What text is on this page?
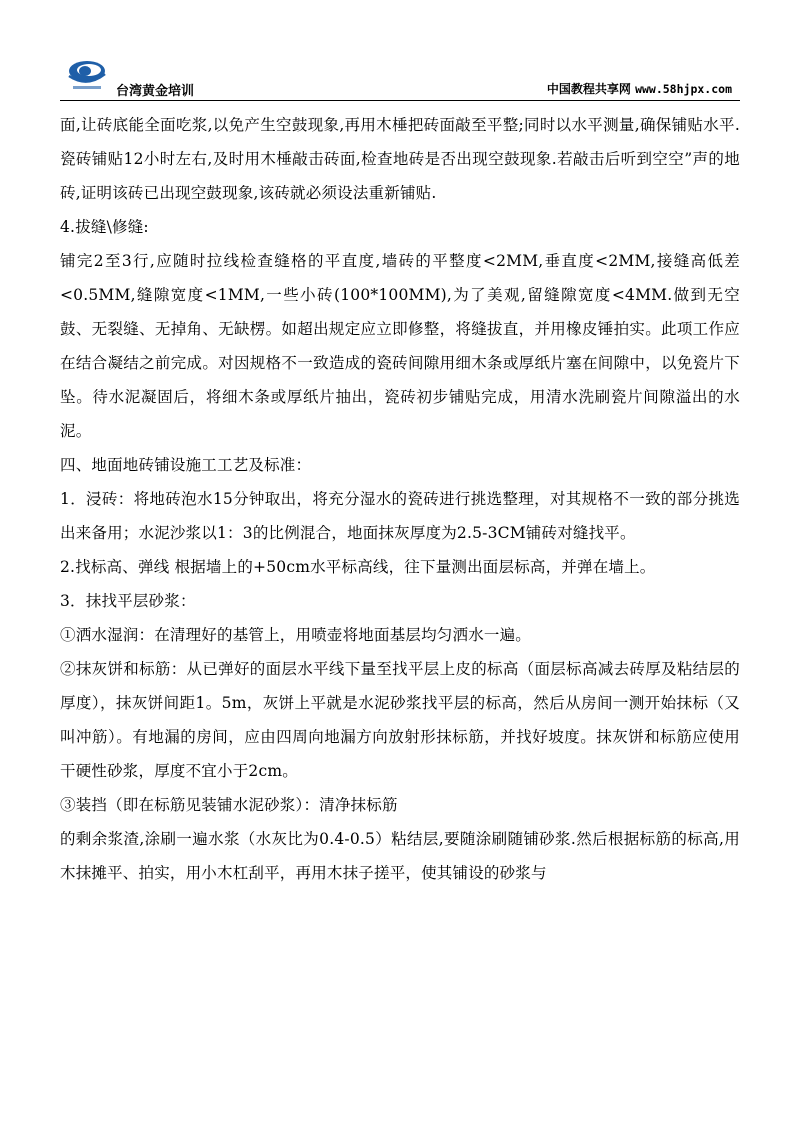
台湾黄金培训	中国教程共享网 www.58hjpx.com

面,让砖底能全面吃浆,以免产生空鼓现象,再用木棰把砖面敲至平整;同时以水平测量,确保铺贴水平.瓷砖铺贴12小时左右,及时用木棰敲击砖面,检查地砖是否出现空鼓现象.若敲击后听到空空”声的地砖,证明该砖已出现空鼓现象,该砖就必须设法重新铺贴.

4.拔缝\修缝:

铺完2至3行,应随时拉线检查缝格的平直度,墙砖的平整度<2MM,垂直度<2MM,接缝高低差<0.5MM,缝隙宽度<1MM,一些小砖(100*100MM),为了美观,留缝隙宽度<4MM.做到无空鼓、无裂缝、无掉角、无缺楞。如超出规定应立即修整，将缝拔直，并用橡皮锤拍实。此项工作应在结合凝结之前完成。对因规格不一致造成的瓷砖间隙用细木条或厚纸片塞在间隙中，以免瓷片下坠。待水泥凝固后，将细木条或厚纸片抽出，瓷砖初步铺贴完成，用清水洗刷瓷片间隙溢出的水泥。

四、地面地砖铺设施工工艺及标准：

1．浸砖：将地砖泡水15分钟取出，将充分湿水的瓷砖进行挑选整理，对其规格不一致的部分挑选出来备用；水泥沙浆以1：3的比例混合，地面抹灰厚度为2.5-3CM铺砖对缝找平。

2.找标高、弹线 根据墙上的+50cm水平标高线，往下量测出面层标高，并弹在墙上。

3．抹找平层砂浆：

①洒水湿润：在清理好的基管上，用喷壶将地面基层均匀洒水一遍。

②抹灰饼和标筋：从已弹好的面层水平线下量至找平层上皮的标高（面层标高减去砖厚及粘结层的厚度），抹灰饼间距1。5m，灰饼上平就是水泥砂浆找平层的标高，然后从房间一测开始抹标（又叫冲筋）。有地漏的房间，应由四周向地漏方向放射形抹标筋，并找好坡度。抹灰饼和标筋应使用干硬性砂浆，厚度不宜小于2cm。

③装挡（即在标筋见装铺水泥砂浆）：清净抹标筋

的剩余浆渣,涂刷一遍水浆（水灰比为0.4-0.5）粘结层,要随涂刷随铺砂浆.然后根据标筋的标高,用木抹摊平、拍实，用小木杠刮平，再用木抹子搓平，使其铺设的砂浆与
